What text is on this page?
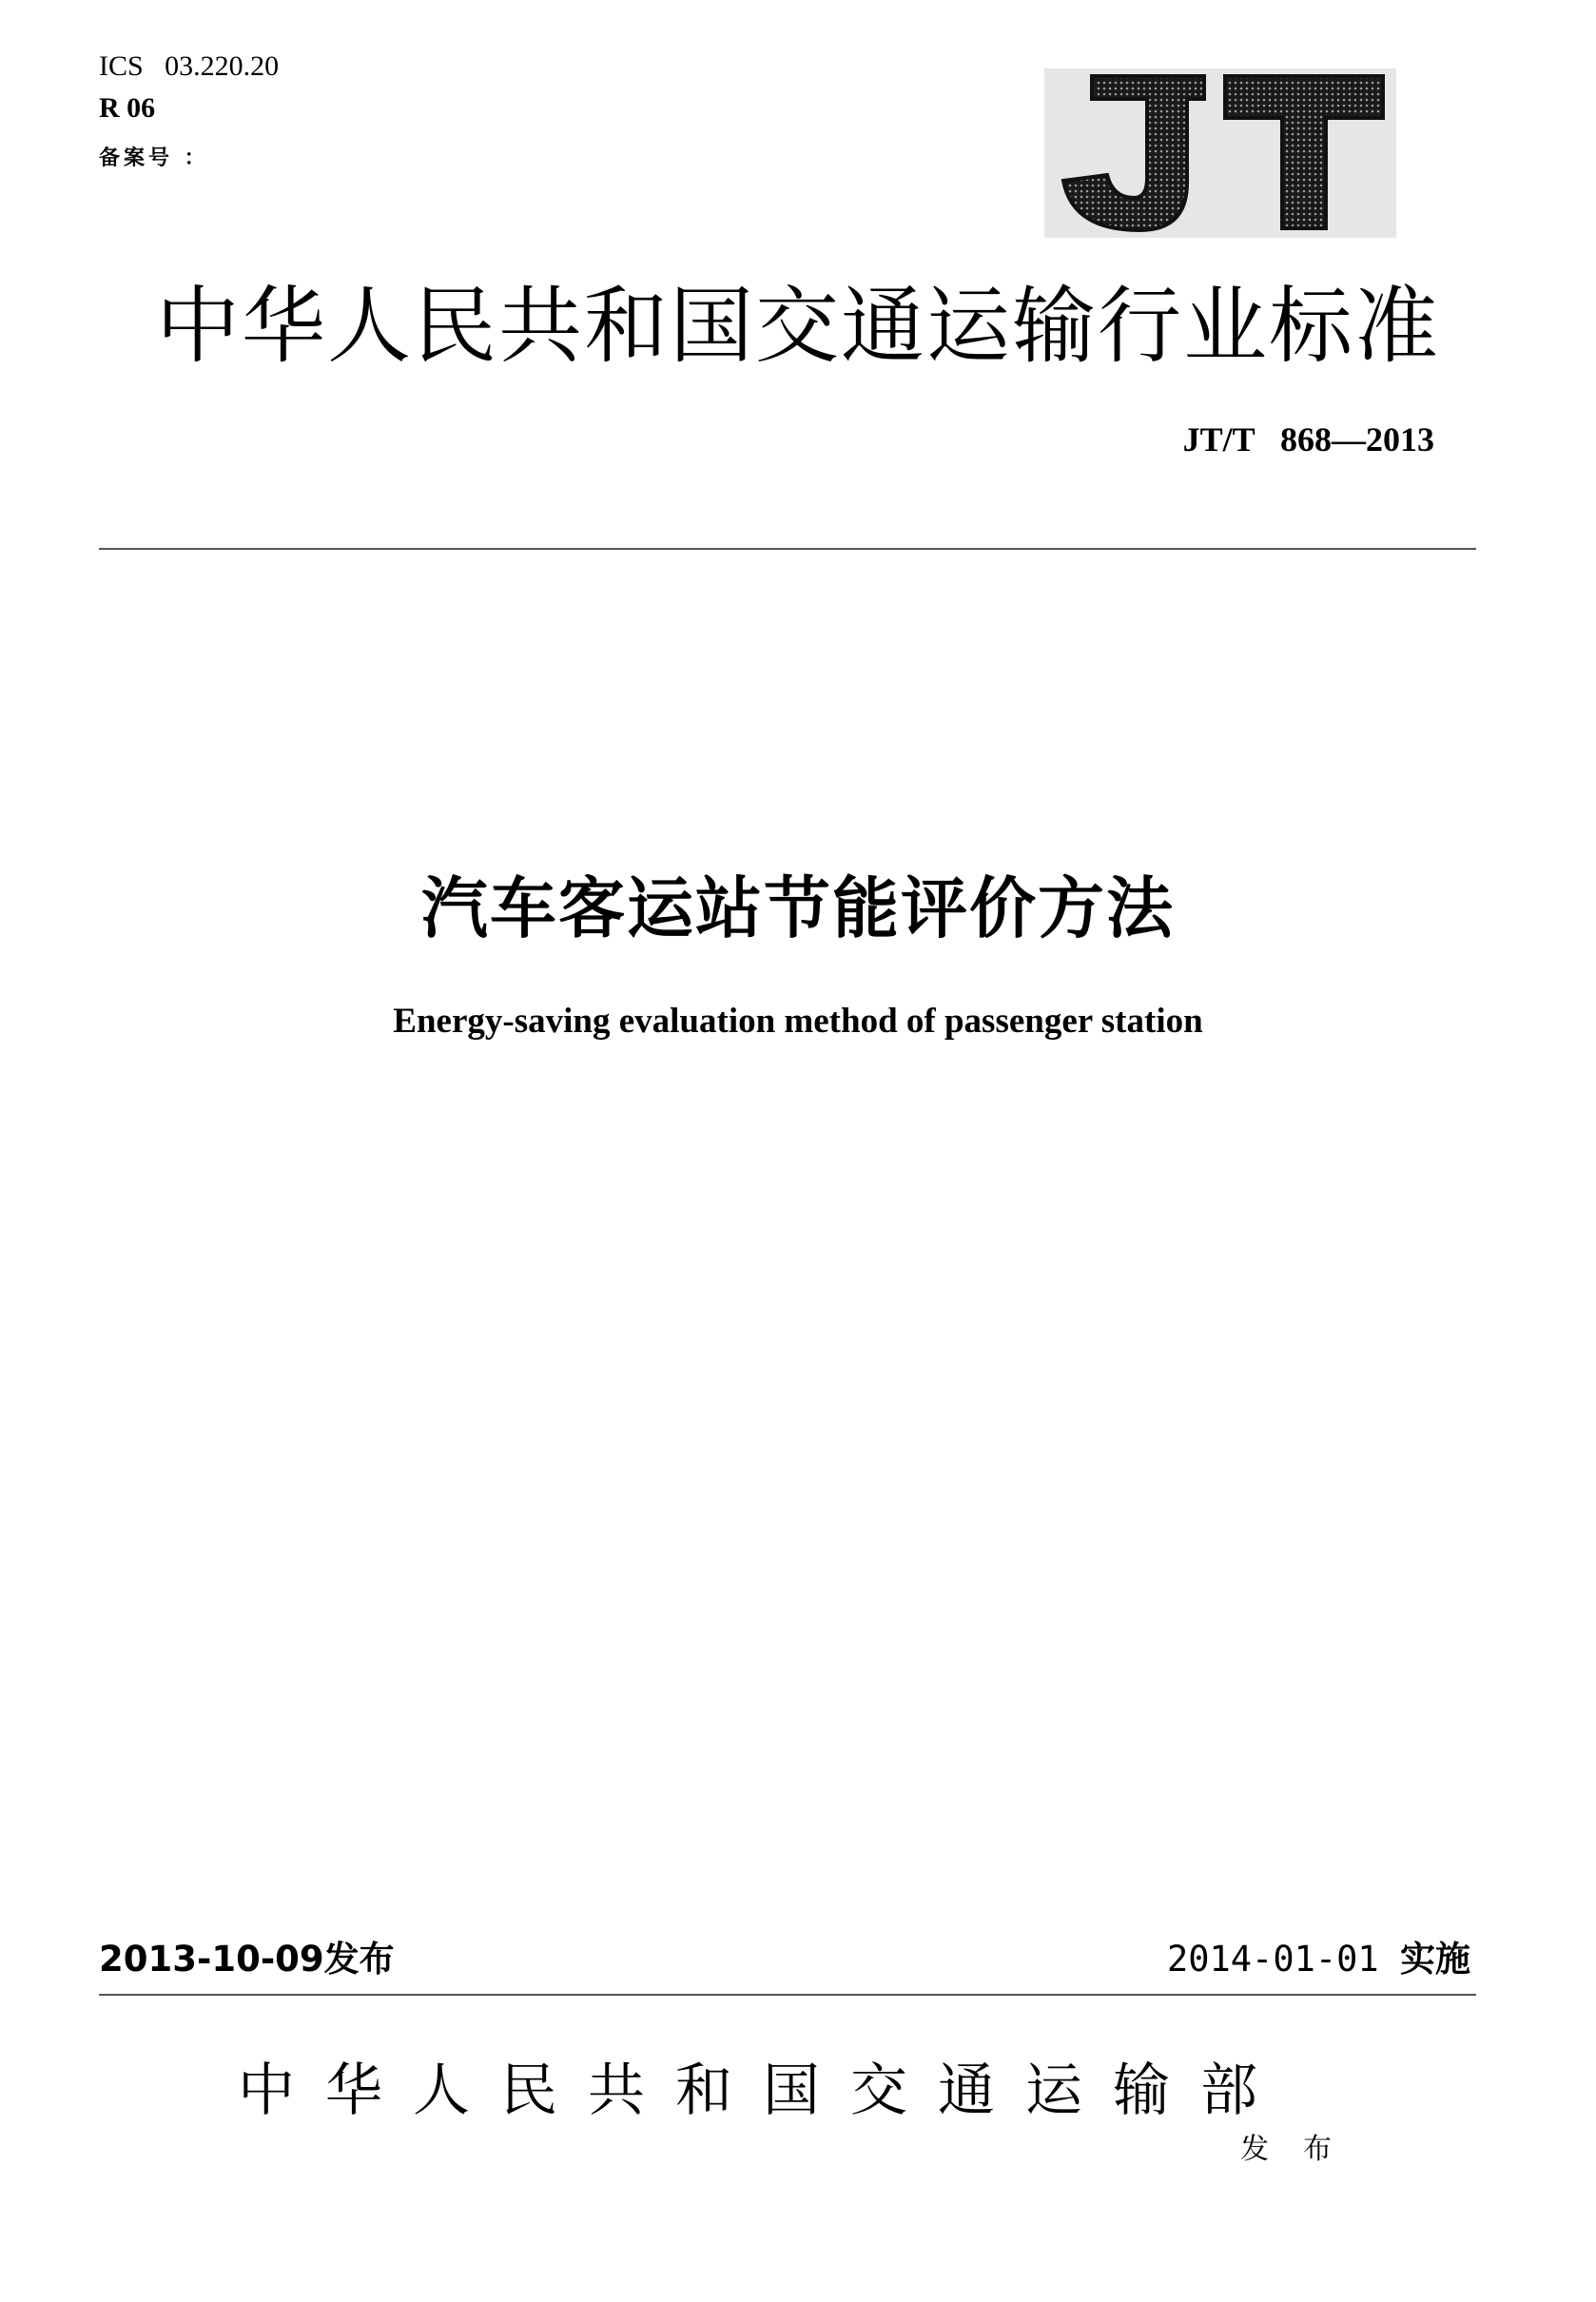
ICS   03.220.20
R 06
备案号 ：
中华人民共和国交通运输行业标准
JT/T   868—2013
汽车客运站节能评价方法
Energy-saving evaluation method of passenger station
2013-10-09发布	2014-01-01 实施
中华人民共和国交通运输部
发布
